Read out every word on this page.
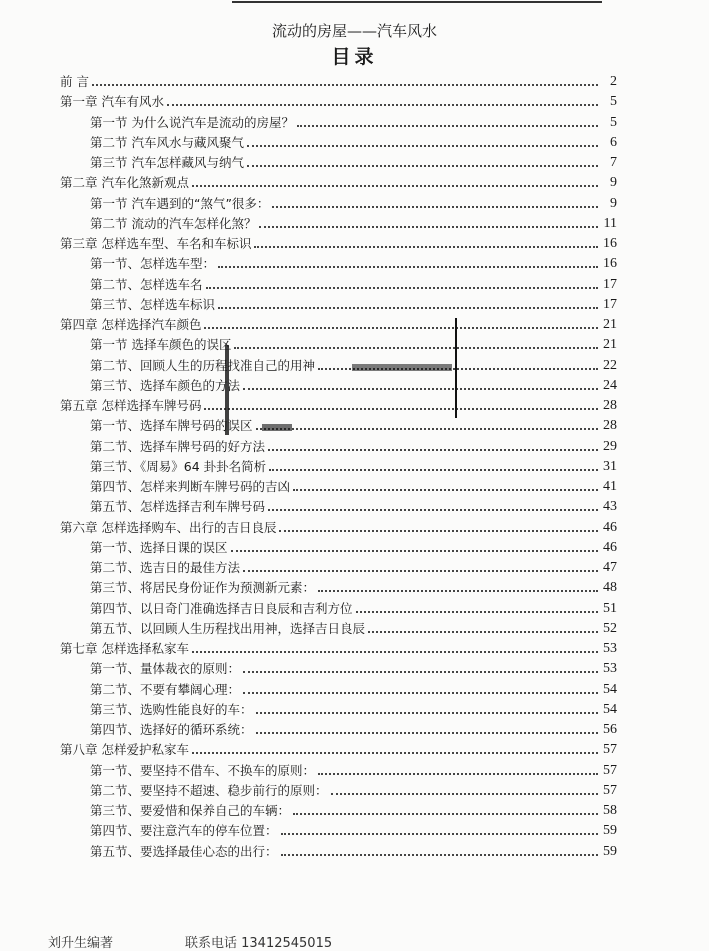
流动的房屋——汽车风水
目录
前 言	2
第一章 汽车有风水	5
第一节 为什么说汽车是流动的房屋？	5
第二节 汽车风水与藏风聚气	6
第三节 汽车怎样藏风与纳气	7
第二章 汽车化煞新观点	9
第一节 汽车遇到的“煞气”很多：	9
第二节 流动的汽车怎样化煞？	11
第三章 怎样选车型、车名和车标识	16
第一节、怎样选车型：	16
第二节、怎样选车名	17
第三节、怎样选车标识	17
第四章 怎样选择汽车颜色	21
第一节 选择车颜色的误区	21
第二节、回顾人生的历程找准自己的用神	22
第三节、选择车颜色的方法	24
第五章 怎样选择车牌号码	28
第一节、选择车牌号码的误区	28
第二节、选择车牌号码的好方法	29
第三节、《周易》64 卦卦名简析	31
第四节、怎样来判断车牌号码的吉凶	41
第五节、怎样选择吉利车牌号码	43
第六章 怎样选择购车、出行的吉日良辰	46
第一节、选择日课的误区	46
第二节、选吉日的最佳方法	47
第三节、将居民身份证作为预测新元素：	48
第四节、以日奇门准确选择吉日良辰和吉利方位	51
第五节、以回顾人生历程找出用神，选择吉日良辰	52
第七章 怎样选择私家车	53
第一节、量体裁衣的原则：	53
第二节、不要有攀阔心理：	54
第三节、选购性能良好的车：	54
第四节、选择好的循环系统：	56
第八章 怎样爱护私家车	57
第一节、要坚持不借车、不换车的原则：	57
第二节、要坚持不超速、稳步前行的原则：	57
第三节、要爱惜和保养自己的车辆：	58
第四节、要注意汽车的停车位置：	59
第五节、要选择最佳心态的出行：	59
刘升生编著	联系电话 13412545015
